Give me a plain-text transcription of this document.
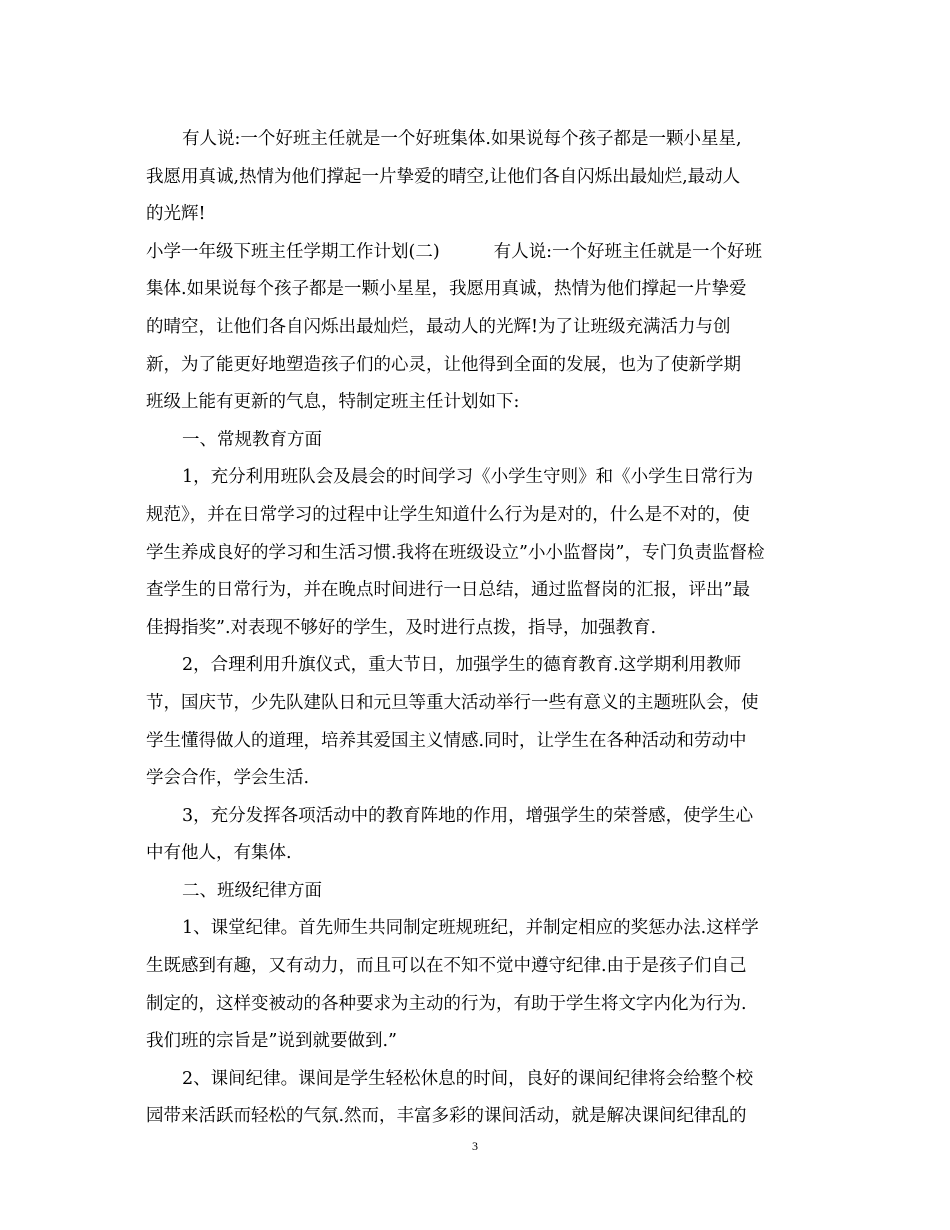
有人说:一个好班主任就是一个好班集体.如果说每个孩子都是一颗小星星,
我愿用真诚,热情为他们撑起一片挚爱的晴空,让他们各自闪烁出最灿烂,最动人
的光辉!
小学一年级下班主任学期工作计划(二)	有人说:一个好班主任就是一个好班
集体.如果说每个孩子都是一颗小星星，我愿用真诚，热情为他们撑起一片挚爱
的晴空，让他们各自闪烁出最灿烂，最动人的光辉!为了让班级充满活力与创
新，为了能更好地塑造孩子们的心灵，让他得到全面的发展，也为了使新学期
班级上能有更新的气息，特制定班主任计划如下:
一、常规教育方面
1，充分利用班队会及晨会的时间学习《小学生守则》和《小学生日常行为
规范》，并在日常学习的过程中让学生知道什么行为是对的，什么是不对的，使
学生养成良好的学习和生活习惯.我将在班级设立”小小监督岗”，专门负责监督检
查学生的日常行为，并在晚点时间进行一日总结，通过监督岗的汇报，评出”最
佳拇指奖”.对表现不够好的学生，及时进行点拨，指导，加强教育.
2，合理利用升旗仪式，重大节日，加强学生的德育教育.这学期利用教师
节，国庆节，少先队建队日和元旦等重大活动举行一些有意义的主题班队会，使
学生懂得做人的道理，培养其爱国主义情感.同时，让学生在各种活动和劳动中
学会合作，学会生活.
3，充分发挥各项活动中的教育阵地的作用，增强学生的荣誉感，使学生心
中有他人，有集体.
二、班级纪律方面
1、课堂纪律。首先师生共同制定班规班纪，并制定相应的奖惩办法.这样学
生既感到有趣，又有动力，而且可以在不知不觉中遵守纪律.由于是孩子们自己
制定的，这样变被动的各种要求为主动的行为，有助于学生将文字内化为行为.
我们班的宗旨是”说到就要做到.”
2、课间纪律。课间是学生轻松休息的时间，良好的课间纪律将会给整个校
园带来活跃而轻松的气氛.然而，丰富多彩的课间活动，就是解决课间纪律乱的
3
